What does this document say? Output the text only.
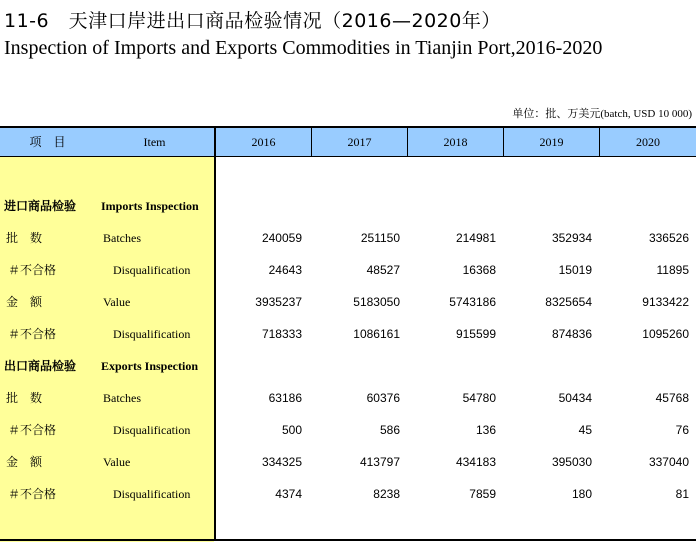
11-6　天津口岸进出口商品检验情况（2016—2020年）
Inspection of Imports and Exports Commodities in Tianjin Port,2016-2020
单位：批、万美元(batch, USD 10 000)
项　目	Item	2016	2017	2018	2019	2020
进口商品检验 Imports Inspection
批　数	Batches	240059	251150	214981	352934	336526
＃不合格	Disqualification	24643	48527	16368	15019	11895
金　额	Value	3935237	5183050	5743186	8325654	9133422
＃不合格	Disqualification	718333	1086161	915599	874836	1095260
出口商品检验 Exports Inspection
批　数	Batches	63186	60376	54780	50434	45768
＃不合格	Disqualification	500	586	136	45	76
金　额	Value	334325	413797	434183	395030	337040
＃不合格	Disqualification	4374	8238	7859	180	81
